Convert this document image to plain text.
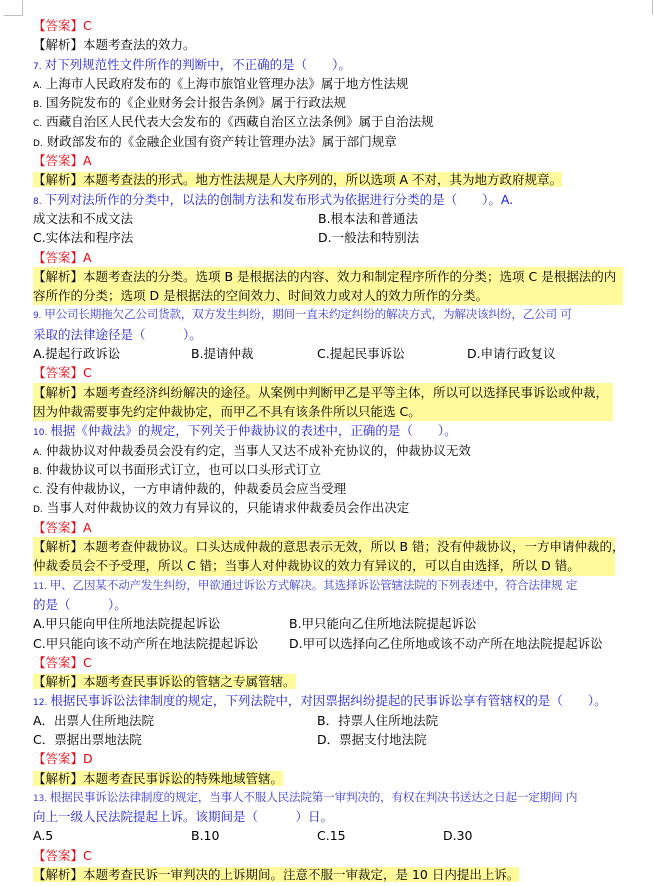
【答案】C
【解析】本题考查法的效力。
7. 对下列规范性文件所作的判断中，不正确的是（　　）。
A. 上海市人民政府发布的《上海市旅馆业管理办法》属于地方性法规
B. 国务院发布的《企业财务会计报告条例》属于行政法规
C. 西藏自治区人民代表大会发布的《西藏自治区立法条例》属于自治法规
D. 财政部发布的《金融企业国有资产转让管理办法》属于部门规章
【答案】A
【解析】本题考查法的形式。地方性法规是人大序列的，所以选项 A 不对，其为地方政府规章。
8. 下列对法所作的分类中，以法的创制方法和发布形式为依据进行分类的是（　　）。A.
成文法和不成文法	B.根本法和普通法
C.实体法和程序法	D.一般法和特别法
【答案】A
【解析】本题考查法的分类。选项 B 是根据法的内容、效力和制定程序所作的分类；选项 C 是根据法的内
容所作的分类；选项 D 是根据法的空间效力、时间效力或对人的效力所作的分类。
9. 甲公司长期拖欠乙公司货款，双方发生纠纷，期间一直未约定纠纷的解决方式，为解决该纠纷，乙公司 可
采取的法律途径是（　　　）。
A.提起行政诉讼	B.提请仲裁	C.提起民事诉讼	D.申请行政复议
【答案】C
【解析】本题考查经济纠纷解决的途径。从案例中判断甲乙是平等主体，所以可以选择民事诉讼或仲裁，
因为仲裁需要事先约定仲裁协定，而甲乙不具有该条件所以只能选 C。
10. 根据《仲裁法》的规定，下列关于仲裁协议的表述中，正确的是（　　）。
A. 仲裁协议对仲裁委员会没有约定，当事人又达不成补充协议的，仲裁协议无效
B. 仲裁协议可以书面形式订立，也可以口头形式订立
C. 没有仲裁协议，一方申请仲裁的，仲裁委员会应当受理
D. 当事人对仲裁协议的效力有异议的，只能请求仲裁委员会作出决定
【答案】A
【解析】本题考查仲裁协议。口头达成仲裁的意思表示无效，所以 B 错；没有仲裁协议，一方申请仲裁的，
仲裁委员会不予受理，所以 C 错；当事人对仲裁协议的效力有异议的，可以自由选择，所以 D 错。
11. 甲、乙因某不动产发生纠纷，甲欲通过诉讼方式解决。其选择诉讼管辖法院的下列表述中，符合法律规 定
的是（　　　）。
A.甲只能向甲住所地法院提起诉讼	B.甲只能向乙住所地法院提起诉讼
C.甲只能向该不动产所在地法院提起诉讼 D.甲可以选择向乙住所地或该不动产所在地法院提起诉讼
【答案】C
【解析】本题考查民事诉讼的管辖之专属管辖。
12. 根据民事诉讼法律制度的规定，下列法院中，对因票据纠纷提起的民事诉讼享有管辖权的是（　　）。
A．出票人住所地法院	B．持票人住所地法院
C．票据出票地法院	D．票据支付地法院
【答案】D
【解析】本题考查民事诉讼的特殊地域管辖。
13. 根据民事诉讼法律制度的规定，当事人不服人民法院第一审判决的，有权在判决书送达之日起一定期间 内
向上一级人民法院提起上诉。该期间是（　　　）日。
A.5	B.10	C.15	D.30
【答案】C
【解析】本题考查民诉一审判决的上诉期间。注意不服一审裁定，是 10 日内提出上诉。
